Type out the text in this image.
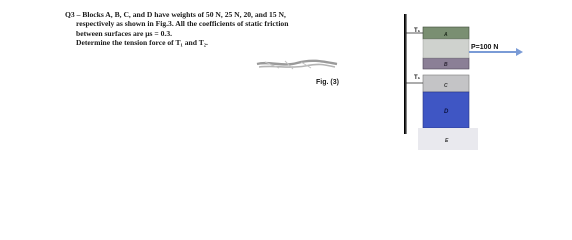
Q3 – Blocks A, B, C, and D have weights of 50 N, 25 N, 20, and 15 N,
respectively as shown in Fig.3. All the coefficients of static friction
between surfaces are μs = 0.3.
Determine the tension force of T₁ and T₂.
Fig. (3)
T₁
T₁
A
B
C
D
E
P=100 N
